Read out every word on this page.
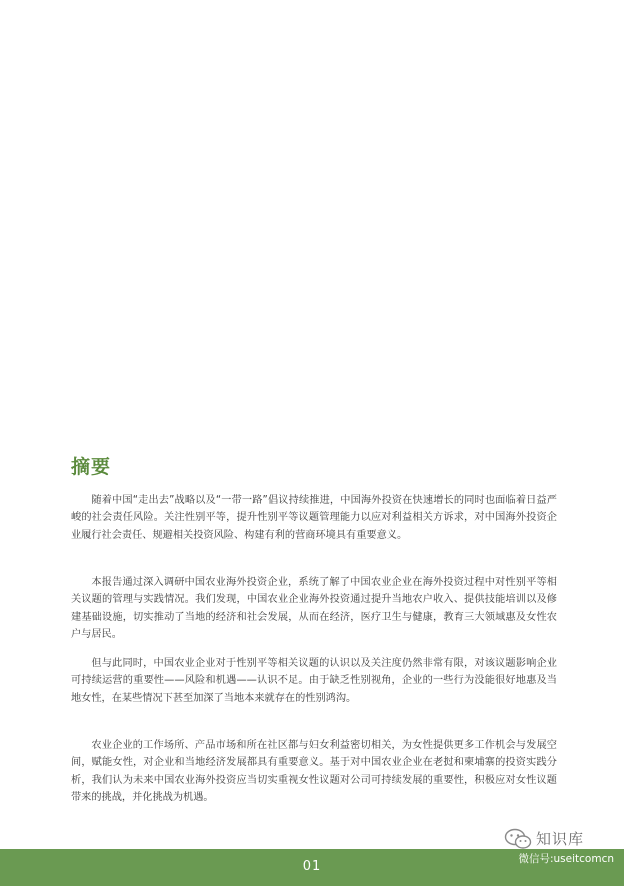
摘要

随着中国“走出去”战略以及“一带一路”倡议持续推进，中国海外投资在快速增长的同时也面临着日益严峻的社会责任风险。关注性别平等，提升性别平等议题管理能力以应对利益相关方诉求，对中国海外投资企业履行社会责任、规避相关投资风险、构建有利的营商环境具有重要意义。

本报告通过深入调研中国农业海外投资企业，系统了解了中国农业企业在海外投资过程中对性别平等相关议题的管理与实践情况。我们发现，中国农业企业海外投资通过提升当地农户收入、提供技能培训以及修建基础设施，切实推动了当地的经济和社会发展，从而在经济，医疗卫生与健康，教育三大领域惠及女性农户与居民。

但与此同时，中国农业企业对于性别平等相关议题的认识以及关注度仍然非常有限，对该议题影响企业可持续运营的重要性——风险和机遇——认识不足。由于缺乏性别视角，企业的一些行为没能很好地惠及当地女性，在某些情况下甚至加深了当地本来就存在的性别鸿沟。

农业企业的工作场所、产品市场和所在社区都与妇女利益密切相关，为女性提供更多工作机会与发展空间，赋能女性，对企业和当地经济发展都具有重要意义。基于对中国农业企业在老挝和柬埔寨的投资实践分析，我们认为未来中国农业海外投资应当切实重视女性议题对公司可持续发展的重要性，积极应对女性议题带来的挑战，并化挑战为机遇。

01
知识库
微信号:useitcomcn
